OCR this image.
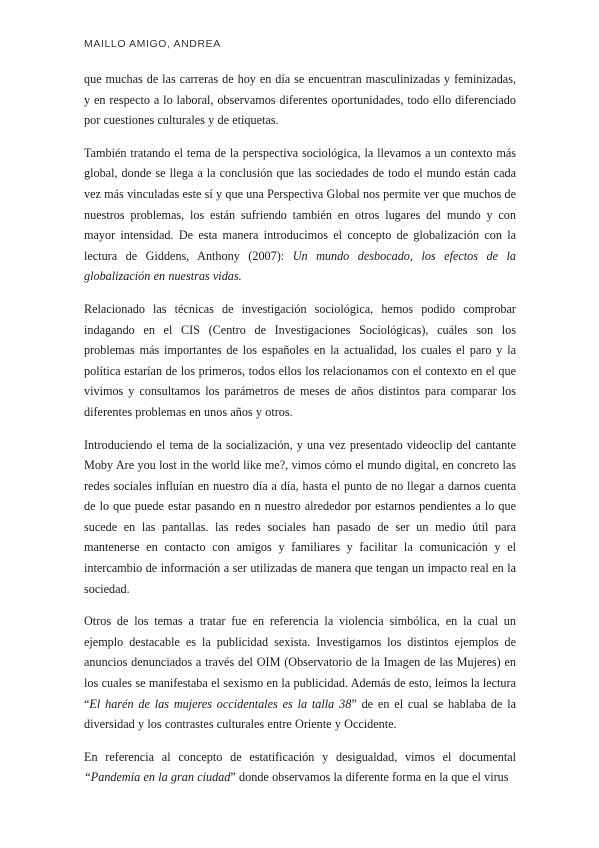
MAILLO AMIGO, ANDREA

que muchas de las carreras de hoy en día se encuentran masculinizadas y feminizadas, y en respecto a lo laboral, observamos diferentes oportunidades, todo ello diferenciado por cuestiones culturales y de etiquetas.

También tratando el tema de la perspectiva sociológica, la llevamos a un contexto más global, donde se llega a la conclusión que las sociedades de todo el mundo están cada vez más vinculadas este sí y que una Perspectiva Global nos permite ver que muchos de nuestros problemas, los están sufriendo también en otros lugares del mundo y con mayor intensidad. De esta manera introducimos el concepto de globalización con la lectura de Giddens, Anthony (2007): Un mundo desbocado, los efectos de la globalización en nuestras vidas.

Relacionado las técnicas de investigación sociológica, hemos podido comprobar indagando en el CIS (Centro de Investigaciones Sociológicas), cuáles son los problemas más importantes de los españoles en la actualidad, los cuales el paro y la política estarían de los primeros, todos ellos los relacionamos con el contexto en el que vivimos y consultamos los parámetros de meses de años distintos para comparar los diferentes problemas en unos años y otros.

Introduciendo el tema de la socialización, y una vez presentado videoclip del cantante Moby Are you lost in the world like me?, vimos cómo el mundo digital, en concreto las redes sociales influían en nuestro día a día, hasta el punto de no llegar a darnos cuenta de lo que puede estar pasando en n nuestro alrededor por estarnos pendientes a lo que sucede en las pantallas. las redes sociales han pasado de ser un medio útil para mantenerse en contacto con amigos y familiares y facilitar la comunicación y el intercambio de información a ser utilizadas de manera que tengan un impacto real en la sociedad.

Otros de los temas a tratar fue en referencia la violencia simbólica, en la cual un ejemplo destacable es la publicidad sexista. Investigamos los distintos ejemplos de anuncios denunciados a través del OIM (Observatorio de la Imagen de las Mujeres) en los cuales se manifestaba el sexismo en la publicidad. Además de esto, leímos la lectura “El harén de las mujeres occidentales es la talla 38” de en el cual se hablaba de la diversidad y los contrastes culturales entre Oriente y Occidente.

En referencia al concepto de estatificación y desigualdad, vimos el documental “Pandemia en la gran ciudad” donde observamos la diferente forma en la que el virus
